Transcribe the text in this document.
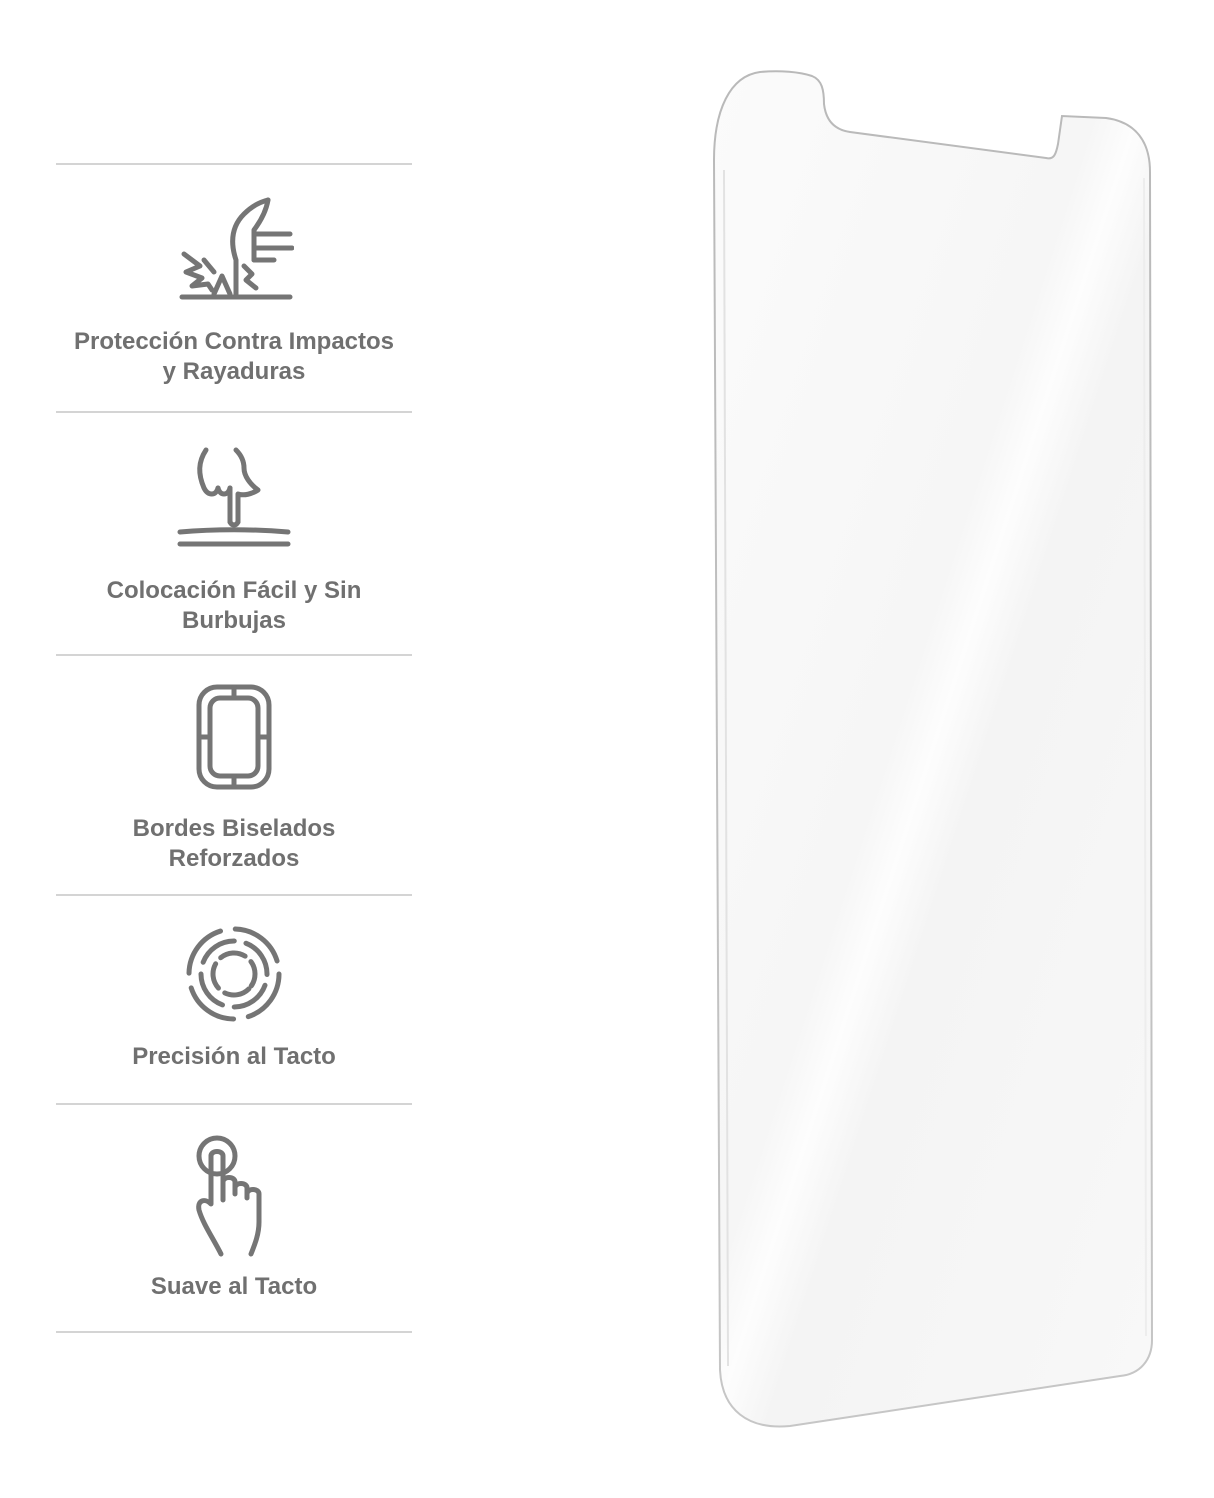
Protección Contra Impactos
y Rayaduras
Colocación Fácil y Sin
Burbujas
Bordes Biselados
Reforzados
Precisión al Tacto
Suave al Tacto
